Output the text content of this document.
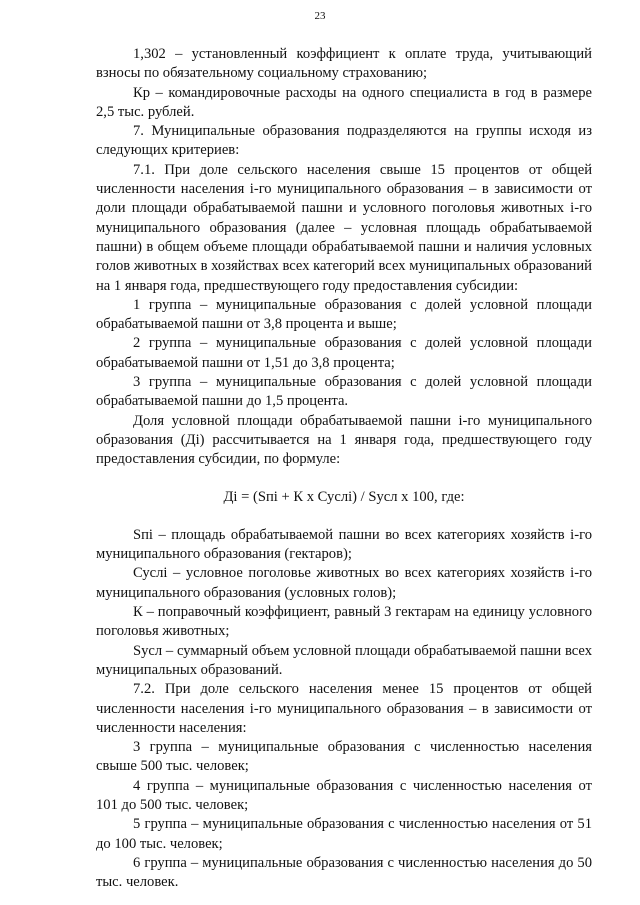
23

1,302 – установленный коэффициент к оплате труда, учитывающий взносы по обязательному социальному страхованию;

Кр – командировочные расходы на одного специалиста в год в размере 2,5 тыс. рублей.

7. Муниципальные образования подразделяются на группы исходя из следующих критериев:

7.1. При доле сельского населения свыше 15 процентов от общей численности населения i-го муниципального образования – в зависимости от доли площади обрабатываемой пашни и условного поголовья животных i-го муниципального образования (далее – условная площадь обрабатываемой пашни) в общем объеме площади обрабатываемой пашни и наличия условных голов животных в хозяйствах всех категорий всех муниципальных образований на 1 января года, предшествующего году предоставления субсидии:

1 группа – муниципальные образования с долей условной площади обрабатываемой пашни от 3,8 процента и выше;

2 группа – муниципальные образования с долей условной площади обрабатываемой пашни от 1,51 до 3,8 процента;

3 группа – муниципальные образования с долей условной площади обрабатываемой пашни до 1,5 процента.

Доля условной площади обрабатываемой пашни i-го муниципального образования (Дi) рассчитывается на 1 января года, предшествующего году предоставления субсидии, по формуле:

Дi = (Sпi + К х Суслi) / Sусл х 100, где:

Sпi – площадь обрабатываемой пашни во всех категориях хозяйств i-го муниципального образования (гектаров);

Суслi – условное поголовье животных во всех категориях хозяйств i-го муниципального образования (условных голов);

К – поправочный коэффициент, равный 3 гектарам на единицу условного поголовья животных;

Sусл – суммарный объем условной площади обрабатываемой пашни всех муниципальных образований.

7.2. При доле сельского населения менее 15 процентов от общей численности населения i-го муниципального образования – в зависимости от численности населения:

3 группа – муниципальные образования с численностью населения свыше 500 тыс. человек;

4 группа – муниципальные образования с численностью населения от 101 до 500 тыс. человек;

5 группа – муниципальные образования с численностью населения от 51 до 100 тыс. человек;

6 группа – муниципальные образования с численностью населения до 50 тыс. человек.
